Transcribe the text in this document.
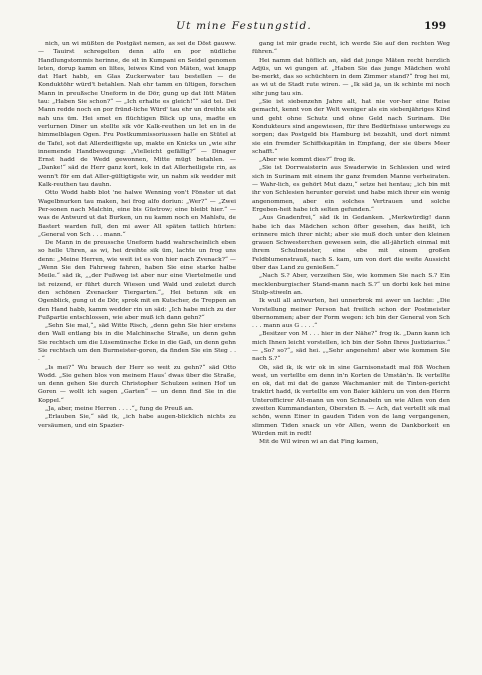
Ut mine Festungstid.	199

nich, un wi müßten de Postgäst nemen, as sei de Döst gauww. — Tauirst schregelten denn alfo en por nüdliche Handlungstommis herinne, de sit in Kumpani en Seidel genomen leten, dorup kamm en liltes, leiwes Kind von Mäten, wat knapp dat Hart habb, en Glas Zuckerwater tau bestellen — de Konduktöhr würd't betahlen. Nah ehr tamm en ültigen, forschen Mann in preußsche Uneform in de Dör, gung up dat lütt Mäten tau: „Haben Sie schon?“ — „Ich erhalte es gleich!““ säd tei. Dei Mann redde noch en por fründ‑liche Würd' tau ehr un dreihte sik nah uns üm. Hei smet en flüchtigen Blick up uns, madte en verlurnen Diner un stellte sik vör Kalk‑reuthen un let en in de himmelblagen Ogen. Fru Postkummissoriussen halle en Stütel at de Tafel, sot dat Allerdeifligste up, makte en Knicks un „wie sihr innemende Handbewegung: „Vielleicht gefällig?“ — Dinager Ernst hadd de Wedd gewonnen, Mitte mügt betahlen. — „Danke!“ säd de Herr ganz kort, kek in dat Allerheiligste rin, as wenn't för em dat Aller‑gültigtigste wir, un nahm sik wedder mit Kalk‑reuthen tau dauhn.

Otto Wodd habb blot 'ne halwe Wenning von't Fönster ut dat Wagelbnurken tau maken, hei frog alfo doriun: „Wer?“ — „Zwei Per‑sonen nach Malchin, eine bis Güstrow; eine bleibt hier.“ — was de Antwurd ut dat Burken, un nu kamm noch en Mahlsfu, de Bastert warden full, den mi awer All späten tatlich hürten: „General von Sch . . . mann.“

De Mann in de preussche Uneform hadd wahrscheinlich eben so helle Uhren, as wi, hei dreihte sik üm, lachte un frog uns denn: „Meine Herren, wie weit ist es von hier nach Zvenack?“ — „Wenn Sie den Fahrweg fahren, haben Sie eine starke halbe Meile.“ säd ik, „„der Fußweg ist aber nur eine Viertelmeile und ist reizend, er führt durch Wiesen und Wald und zuletzt durch den schönen Zvenacker Tiergarten.“„ Hei betunn sik en Ogenblick, gung ut de Dör, sprok mit en Kutscher, de Treppen an den Hand habb, kamm wedder rin un säd: „Ich habe mich zu der Fußpartie entschlossen, wie aber muß ich dann gehn?“

„Sehn Sie mal,“„ säd Witte Risch, „denn gehn Sie hier erstens den Wall entlang bis in die Malchinsche Straße, un denn gehn Sie rechtsch um die Lüsemünsche Ecke in die Gaß, un denn gehn Sie rechtsch um den Burmeister‑goren, da finden Sie ein Steg . . . “

„Is mei?“ Wu brauch der Herr so weit zu gehn?“ säd Otto Wodd. „Sie gehen blos von meinem Haus‘ dwas über die Straße, un denn gehen Sie durch Christopher Schulzen seinen Hof un Goren — wollt ich sagen „Garten“ — un denn find Sie in die Koppel.“

„Ja, aber, meine Herren . . . .“„ fung de Preuß an.

„Erlauben Sie,“ säd ik, „ich habe augen‑blicklich nichts zu versäumen, und ein Spazier‑

gang ist mir grade recht, ich werde Sie auf den rechten Weg führen.“

Hei namm dat höflich an, säd dat junge Mäten recht herzlich Adjüs, un wi gungen af. „Haben Sie das junge Mädchen wohl be‑merkt, das so schüchtern in dem Zimmer stand?“ frog hei mi, as wi ut de Stadt rute wiren. — „Ik säd ja, un ik schinte mi noch sihr jung tau sin.

„Sie ist siebenzehn Jahre alt, hat nie vor‑her eine Reise gemacht, kennt von der Welt weniger als ein siebenjähriges Kind und geht ohne Schutz und ohne Geld nach Surinam. Die Kondukteurs sind angewiesen, für ihre Bedürfnisse unterwegs zu sorgen; das Postgeld bis Hamburg ist bezahlt, und dort nimmt sie ein fremder Schiffskapitän in Empfang, der sie übers Meer schafft.“

„Aber wie kommt dies?“ frog ik.

„Sie ist Dorrwaisterin aus Swaderwie in Schlesien und wird sich in Surinam mit einem ihr ganz fremden Manne verheiraten. — Wahr‑lich, es gehört Mut dazu,“ setze hei hentau; „ich bin mit ihr von Schlesien herunter gereist und habe mich ihrer ein wenig angenommen, aber ein solches Vertrauen und solche Ergeben‑heit habe ich selten gefunden.“

„Aus Gnadenfrei,“ säd ik in Gedanken. „Merkwürdig! dann habe ich das Mädchen schon öfter gesehen, das heißt, ich erinnere mich ihrer nicht; aber sie muß doch unter den kleinen grauen Schwesterchen gewesen sein, die all‑jährlich einmal mit ihrem Schulmeister, eine ebe mit einem großen Feldblumenstrauß, nach S. kam, um von dort die weite Aussicht über das Land zu genießen.“

„Nach S.? Aber, verzeihen Sie, wie kommen Sie nach S.? Ein mecklenburgischer Stand‑mann nach S.?“ un dorbi kek hei mine Stulp‑stiweln an.

Ik wull all antwurten, hei unnerbrok mi awer un lachte: „Die Vorstellung meiner Person hat freilich schon der Postmeister übernommen; aber der Form wegen: ich bin der General von Sch . . . mann aus G . . . .“

„Besitzer von M . . . hier in der Nähe?“ frog ik. „Dann kann ich mich Ihnen leicht vorstellen, ich bin der Sohn Ihres Justiziarius.“ — „So? so?“„ säd hei. „„Sehr angenehm! aber wie kommen Sie nach S.?“

Oh, säd ik, ik wir ok in sine Garnisonstadt mal föß Wochen west, un vertellte em denn in'n Korten de Umstän'n. Ik vertellte en ok, dat mi dat de ganze Wachmanier mit de Tinten‑gericht traktirt hadd, ik vertellte em von Baier kähleru un von den Herrn Unterofficirer Alt‑mann un von Schnabeln un wie Allen von den zweiten Kummandanten, Obersten B. — Ach, dat vertellt sik mal schön, wenn Einer in gauden Tiden von de lang vergangenen, slimmen Tiden snack un vör Allen, wenn de Dankborkeit en Würden mit in redt!

Mit de Wil wiren wi an dat Fing kamen,
